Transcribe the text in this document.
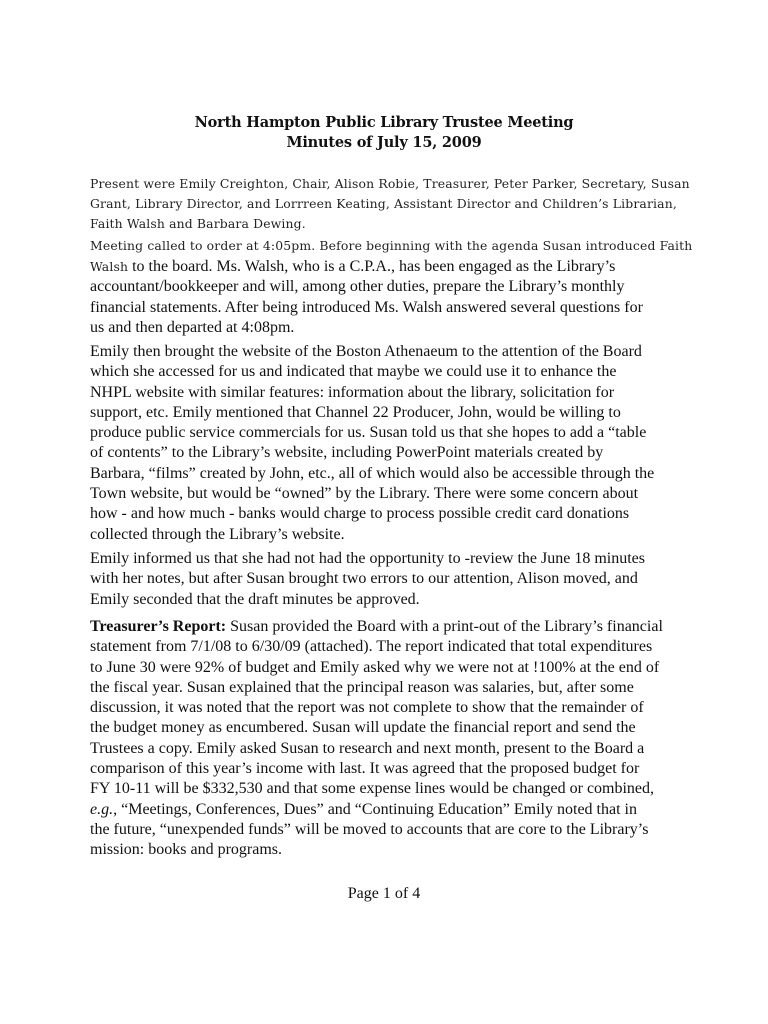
North Hampton Public Library Trustee Meeting
Minutes of July 15, 2009
Present were Emily Creighton, Chair, Alison Robie, Treasurer, Peter Parker, Secretary, Susan
Grant, Library Director, and Lorrreen Keating, Assistant Director and Children’s Librarian,
Faith Walsh and Barbara Dewing.
Meeting called to order at 4:05pm. Before beginning with the agenda Susan introduced Faith
Walsh to the board. Ms. Walsh, who is a C.P.A., has been engaged as the Library’s
accountant/bookkeeper and will, among other duties, prepare the Library’s monthly
financial statements. After being introduced Ms. Walsh answered several questions for
us and then departed at 4:08pm.
Emily then brought the website of the Boston Athenaeum to the attention of the Board
which she accessed for us and indicated that maybe we could use it to enhance the
NHPL website with similar features: information about the library, solicitation for
support, etc. Emily mentioned that Channel 22 Producer, John, would be willing to
produce public service commercials for us. Susan told us that she hopes to add a “table
of contents” to the Library’s website, including PowerPoint materials created by
Barbara, “films” created by John, etc., all of which would also be accessible through the
Town website, but would be “owned” by the Library. There were some concern about
how - and how much - banks would charge to process possible credit card donations
collected through the Library’s website.
Emily informed us that she had not had the opportunity to -review the June 18 minutes
with her notes, but after Susan brought two errors to our attention, Alison moved, and
Emily seconded that the draft minutes be approved.
Treasurer’s Report: Susan provided the Board with a print-out of the Library’s financial
statement from 7/1/08 to 6/30/09 (attached). The report indicated that total expenditures
to June 30 were 92% of budget and Emily asked why we were not at !100% at the end of
the fiscal year. Susan explained that the principal reason was salaries, but, after some
discussion, it was noted that the report was not complete to show that the remainder of
the budget money as encumbered. Susan will update the financial report and send the
Trustees a copy. Emily asked Susan to research and next month, present to the Board a
comparison of this year’s income with last. It was agreed that the proposed budget for
FY 10-11 will be $332,530 and that some expense lines would be changed or combined,
e.g., “Meetings, Conferences, Dues” and “Continuing Education” Emily noted that in
the future, “unexpended funds” will be moved to accounts that are core to the Library’s
mission: books and programs.
Page 1 of 4
